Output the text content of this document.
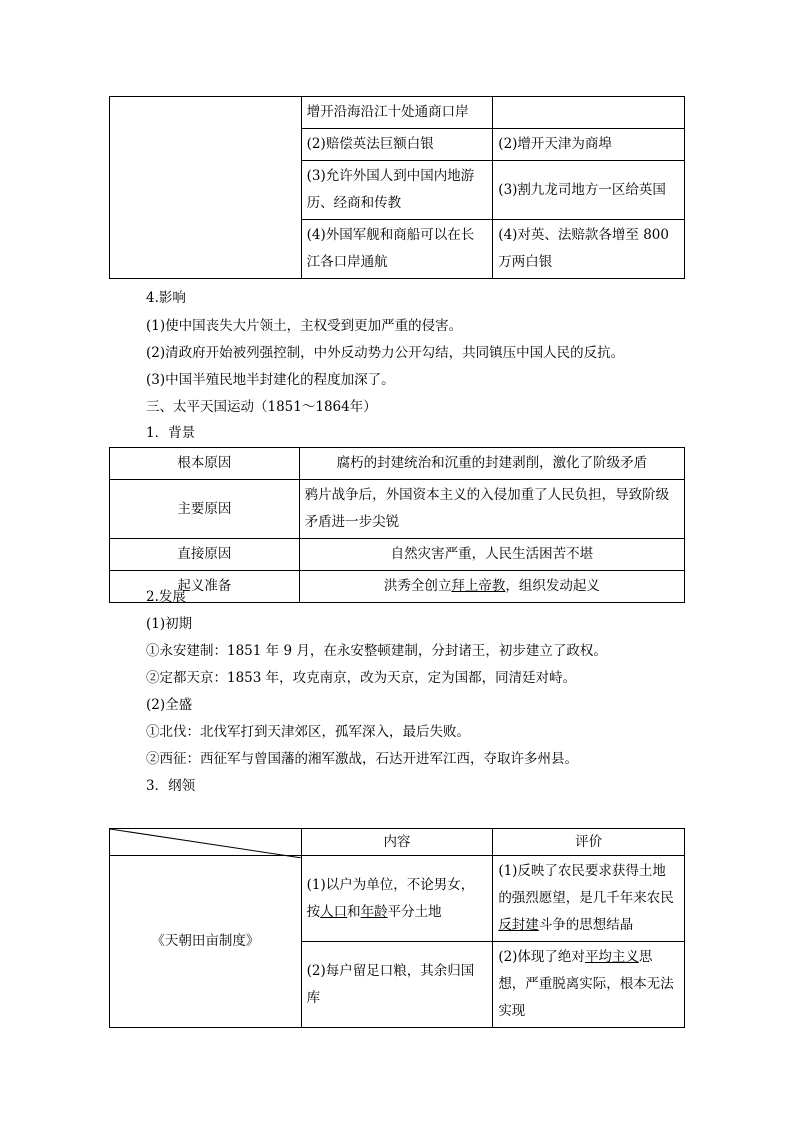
	增开沿海沿江十处通商口岸	
	(2)赔偿英法巨额白银	(2)增开天津为商埠
	(3)允许外国人到中国内地游历、经商和传教	(3)割九龙司地方一区给英国
	(4)外国军舰和商船可以在长江各口岸通航	(4)对英、法赔款各增至 800 万两白银
4.影响
(1)使中国丧失大片领土，主权受到更加严重的侵害。
(2)清政府开始被列强控制，中外反动势力公开勾结，共同镇压中国人民的反抗。
(3)中国半殖民地半封建化的程度加深了。
三、太平天国运动（1851～1864年）
1．背景
根本原因	腐朽的封建统治和沉重的封建剥削，激化了阶级矛盾
主要原因	鸦片战争后，外国资本主义的入侵加重了人民负担，导致阶级矛盾进一步尖锐
直接原因	自然灾害严重，人民生活困苦不堪
起义准备	洪秀全创立拜上帝教，组织发动起义
2.发展
(1)初期
①永安建制：1851 年 9 月，在永安整顿建制，分封诸王，初步建立了政权。
②定都天京：1853 年，攻克南京，改为天京，定为国都，同清廷对峙。
(2)全盛
①北伐：北伐军打到天津郊区，孤军深入，最后失败。
②西征：西征军与曾国藩的湘军激战，石达开进军江西，夺取许多州县。
3．纲领
	内容	评价
《天朝田亩制度》	(1)以户为单位，不论男女，按人口和年龄平分土地	(1)反映了农民要求获得土地的强烈愿望，是几千年来农民反封建斗争的思想结晶
	(2)每户留足口粮，其余归国库	(2)体现了绝对平均主义思想，严重脱离实际，根本无法实现
